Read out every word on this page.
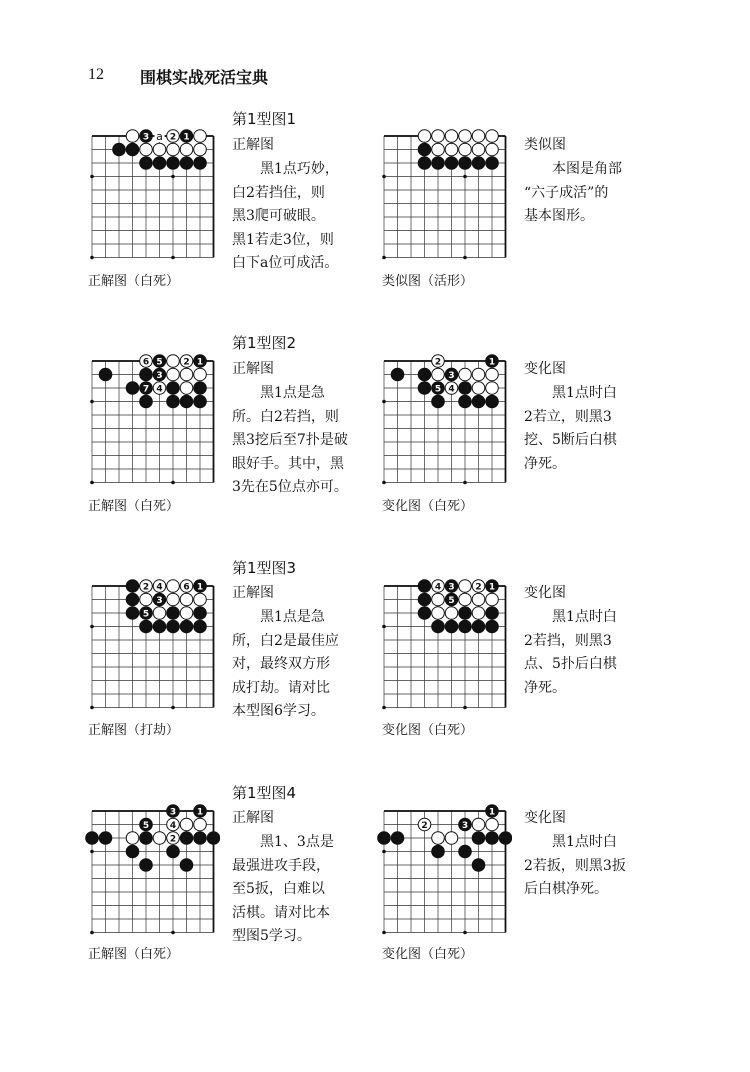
12 围棋实战死活宝典
第1型图1
3 a 2 1
正解图（白死）
正解图
黑1点巧妙，
白2若挡住，则
黑3爬可破眼。
黑1若走3位，则
白下a位可成活。
类似图（活形）
类似图
本图是角部
“六子成活”的
基本图形。
第1型图2
6 5 2 1
3
7 4
正解图（白死）
正解图
黑1点是急
所。白2若挡，则
黑3挖后至7扑是破
眼好手。其中，黑
3先在5位点亦可。
2	1
5 4
3
变化图（白死）
变化图
黑1点时白
2若立，则黑3
挖、5断后白棋
净死。
第1型图3
2 4 6 1
3
5
正解图（打劫）
正解图
黑1点是急
所，白2是最佳应
对，最终双方形
成打劫。请对比
本型图6学习。
4 3 2 1
5
变化图（白死）
变化图
黑1点时白
2若挡，则黑3
点、5扑后白棋
净死。
第1型图4
3 1
5 4
2
正解图（白死）
正解图
黑1、3点是
最强进攻手段，
至5扳，白难以
活棋。请对比本
型图5学习。
1
2	3
变化图（白死）
变化图
黑1点时白
2若扳，则黑3扳
后白棋净死。
